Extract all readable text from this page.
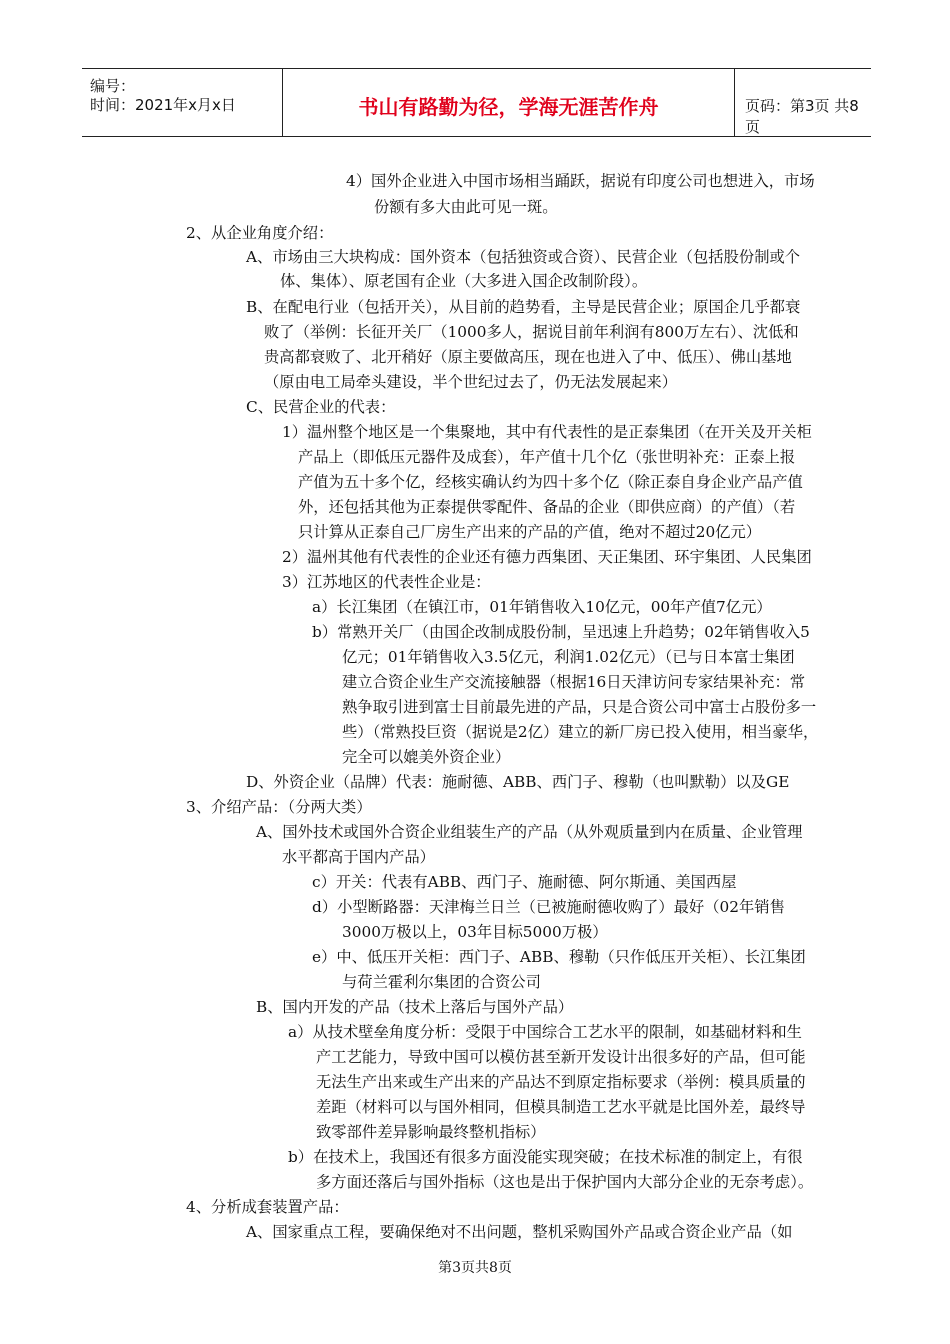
编号：
时间：2021年x月x日	书山有路勤为径，学海无涯苦作舟	页码：第3页 共8页
4）国外企业进入中国市场相当踊跃，据说有印度公司也想进入，市场
份额有多大由此可见一斑。
2、从企业角度介绍：
A、市场由三大块构成：国外资本（包括独资或合资）、民营企业（包括股份制或个
体、集体）、原老国有企业（大多进入国企改制阶段）。
B、在配电行业（包括开关），从目前的趋势看，主导是民营企业；原国企几乎都衰
败了（举例：长征开关厂（1000多人，据说目前年利润有800万左右）、沈低和
贵高都衰败了、北开稍好（原主要做高压，现在也进入了中、低压）、佛山基地
（原由电工局牵头建设，半个世纪过去了，仍无法发展起来）
C、民营企业的代表：
1）温州整个地区是一个集聚地，其中有代表性的是正泰集团（在开关及开关柜
产品上（即低压元器件及成套），年产值十几个亿（张世明补充：正泰上报
产值为五十多个亿，经核实确认约为四十多个亿（除正泰自身企业产品产值
外，还包括其他为正泰提供零配件、备品的企业（即供应商）的产值）（若
只计算从正泰自己厂房生产出来的产品的产值，绝对不超过20亿元）
2）温州其他有代表性的企业还有德力西集团、天正集团、环宇集团、人民集团
3）江苏地区的代表性企业是：
a）长江集团（在镇江市，01年销售收入10亿元，00年产值7亿元）
b）常熟开关厂（由国企改制成股份制，呈迅速上升趋势；02年销售收入5
亿元；01年销售收入3.5亿元，利润1.02亿元）（已与日本富士集团
建立合资企业生产交流接触器（根据16日天津访问专家结果补充：常
熟争取引进到富士目前最先进的产品，只是合资公司中富士占股份多一
些）（常熟投巨资（据说是2亿）建立的新厂房已投入使用，相当豪华，
完全可以媲美外资企业）
D、外资企业（品牌）代表：施耐德、ABB、西门子、穆勒（也叫默勒）以及GE
3、介绍产品：（分两大类）
A、国外技术或国外合资企业组装生产的产品（从外观质量到内在质量、企业管理
水平都高于国内产品）
c）开关：代表有ABB、西门子、施耐德、阿尔斯通、美国西屋
d）小型断路器：天津梅兰日兰（已被施耐德收购了）最好（02年销售
3000万极以上，03年目标5000万极）
e）中、低压开关柜：西门子、ABB、穆勒（只作低压开关柜）、长江集团
与荷兰霍利尔集团的合资公司
B、国内开发的产品（技术上落后与国外产品）
a）从技术壁垒角度分析：受限于中国综合工艺水平的限制，如基础材料和生
产工艺能力，导致中国可以模仿甚至新开发设计出很多好的产品，但可能
无法生产出来或生产出来的产品达不到原定指标要求（举例：模具质量的
差距（材料可以与国外相同，但模具制造工艺水平就是比国外差，最终导
致零部件差异影响最终整机指标）
b）在技术上，我国还有很多方面没能实现突破；在技术标准的制定上，有很
多方面还落后与国外指标（这也是出于保护国内大部分企业的无奈考虑）。
4、分析成套装置产品：
A、国家重点工程，要确保绝对不出问题，整机采购国外产品或合资企业产品（如
第3页共8页
